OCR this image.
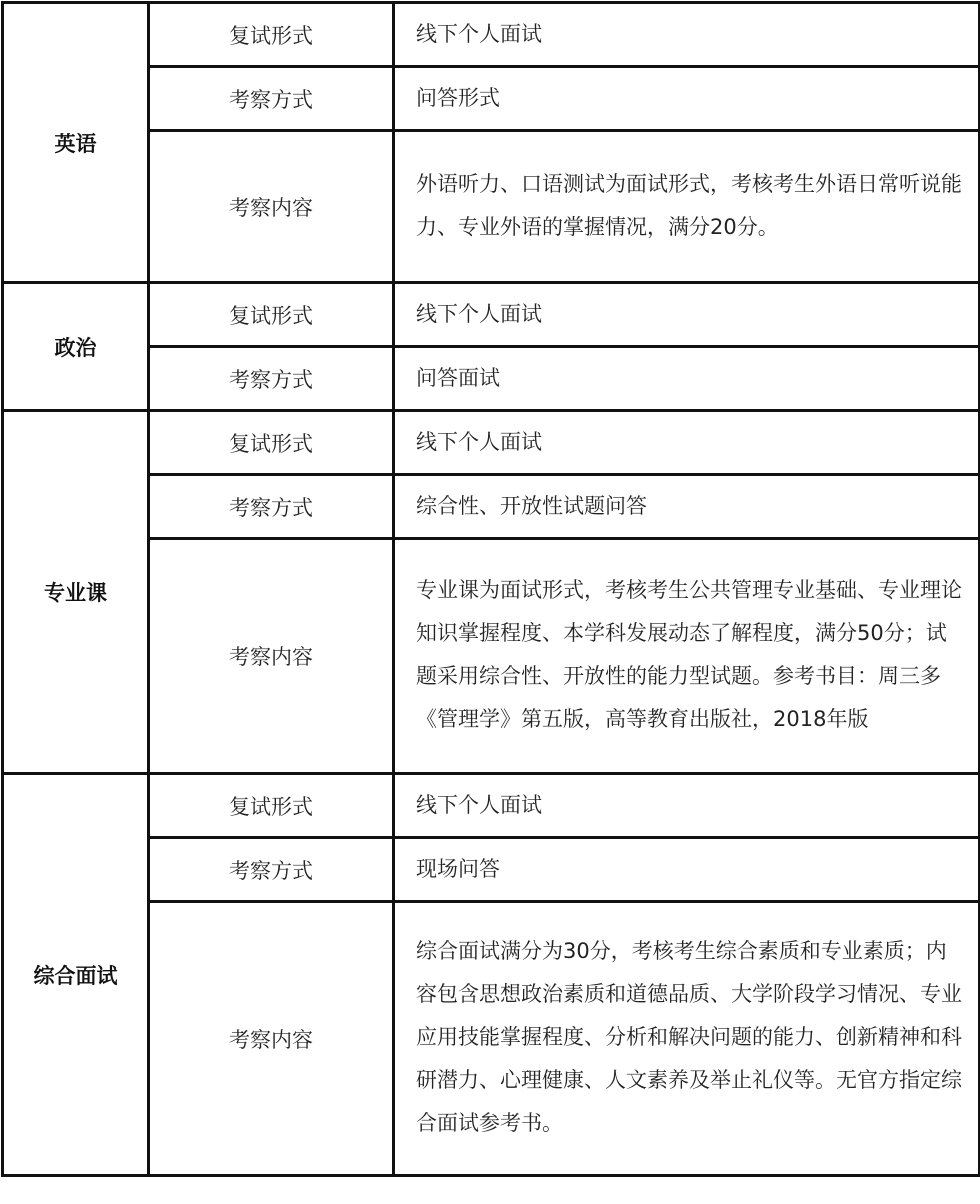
英语	复试形式	线下个人面试
	考察方式	问答形式
	考察内容	外语听力、口语测试为面试形式，考核考生外语日常听说能力、专业外语的掌握情况，满分20分。
政治	复试形式	线下个人面试
	考察方式	问答面试
专业课	复试形式	线下个人面试
	考察方式	综合性、开放性试题问答
	考察内容	专业课为面试形式，考核考生公共管理专业基础、专业理论知识掌握程度、本学科发展动态了解程度，满分50分；试题采用综合性、开放性的能力型试题。参考书目：周三多《管理学》第五版，高等教育出版社，2018年版
综合面试	复试形式	线下个人面试
	考察方式	现场问答
	考察内容	综合面试满分为30分，考核考生综合素质和专业素质；内容包含思想政治素质和道德品质、大学阶段学习情况、专业应用技能掌握程度、分析和解决问题的能力、创新精神和科研潜力、心理健康、人文素养及举止礼仪等。无官方指定综合面试参考书。
